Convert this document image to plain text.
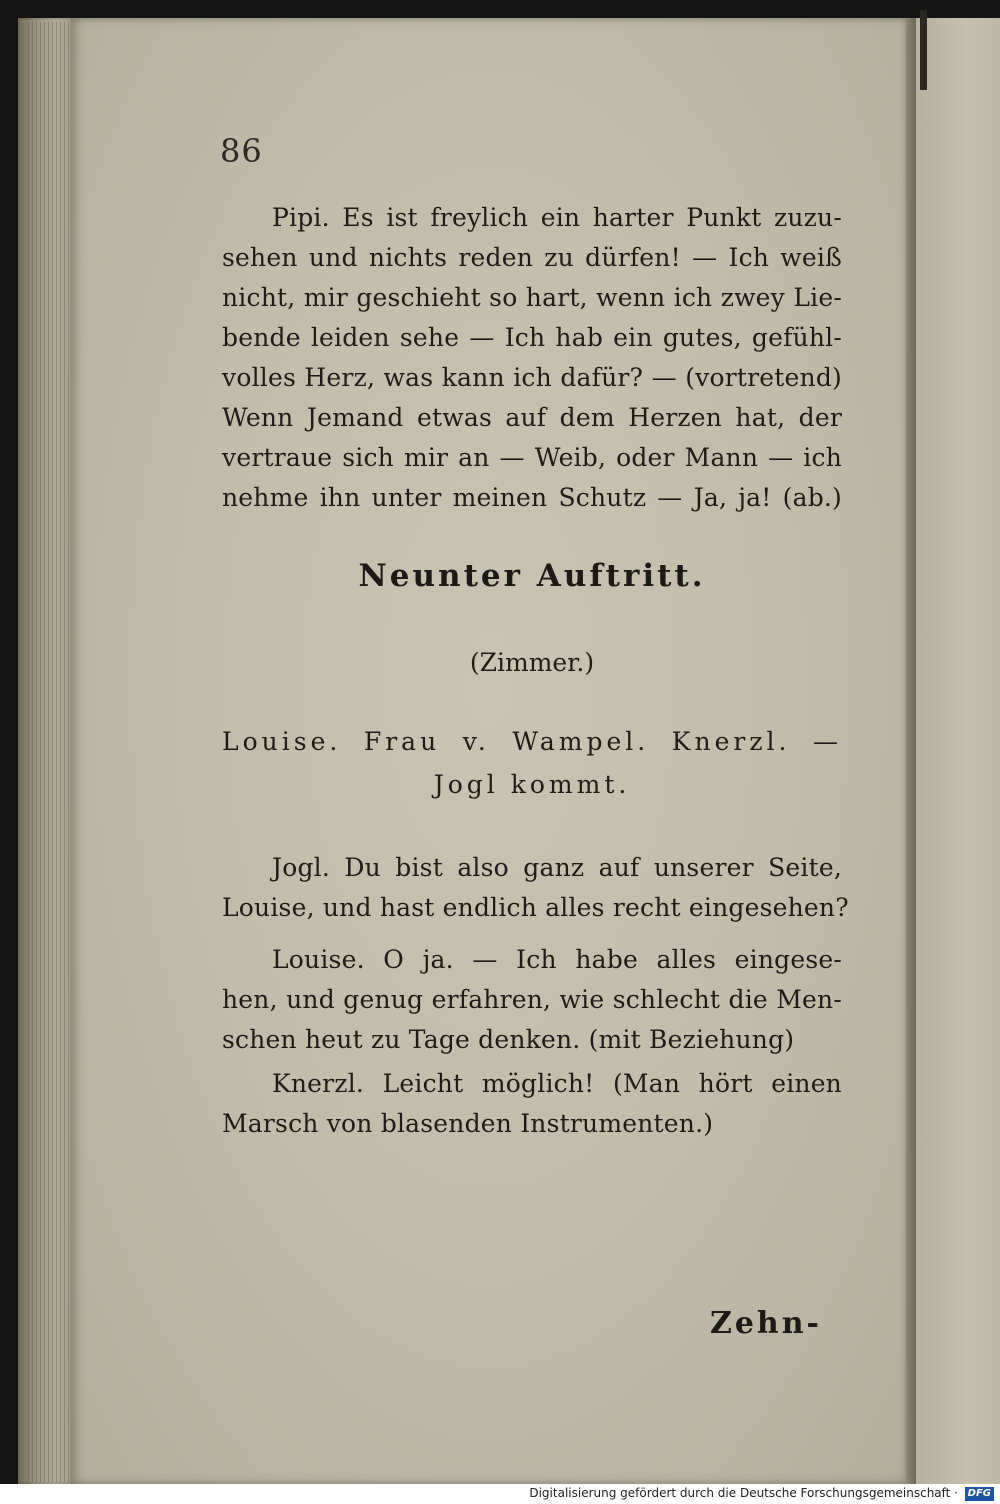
86
Pipi. Es ist freylich ein harter Punkt zuzu-
sehen und nichts reden zu dürfen! — Ich weiß
nicht, mir geschieht so hart, wenn ich zwey Lie-
bende leiden sehe — Ich hab ein gutes, gefühl-
volles Herz, was kann ich dafür? — (vortretend)
Wenn Jemand etwas auf dem Herzen hat, der
vertraue sich mir an — Weib, oder Mann — ich
nehme ihn unter meinen Schutz — Ja, ja! (ab.)
Neunter Auftritt.
(Zimmer.)
Louise. Frau v. Wampel. Knerzl. —
Jogl kommt.
Jogl. Du bist also ganz auf unserer Seite,
Louise, und hast endlich alles recht eingesehen?
Louise. O ja. — Ich habe alles eingese-
hen, und genug erfahren, wie schlecht die Men-
schen heut zu Tage denken. (mit Beziehung)
Knerzl. Leicht möglich! (Man hört einen
Marsch von blasenden Instrumenten.)
Zehn-
Digitalisierung gefördert durch die Deutsche Forschungsgemeinschaft · DFG
